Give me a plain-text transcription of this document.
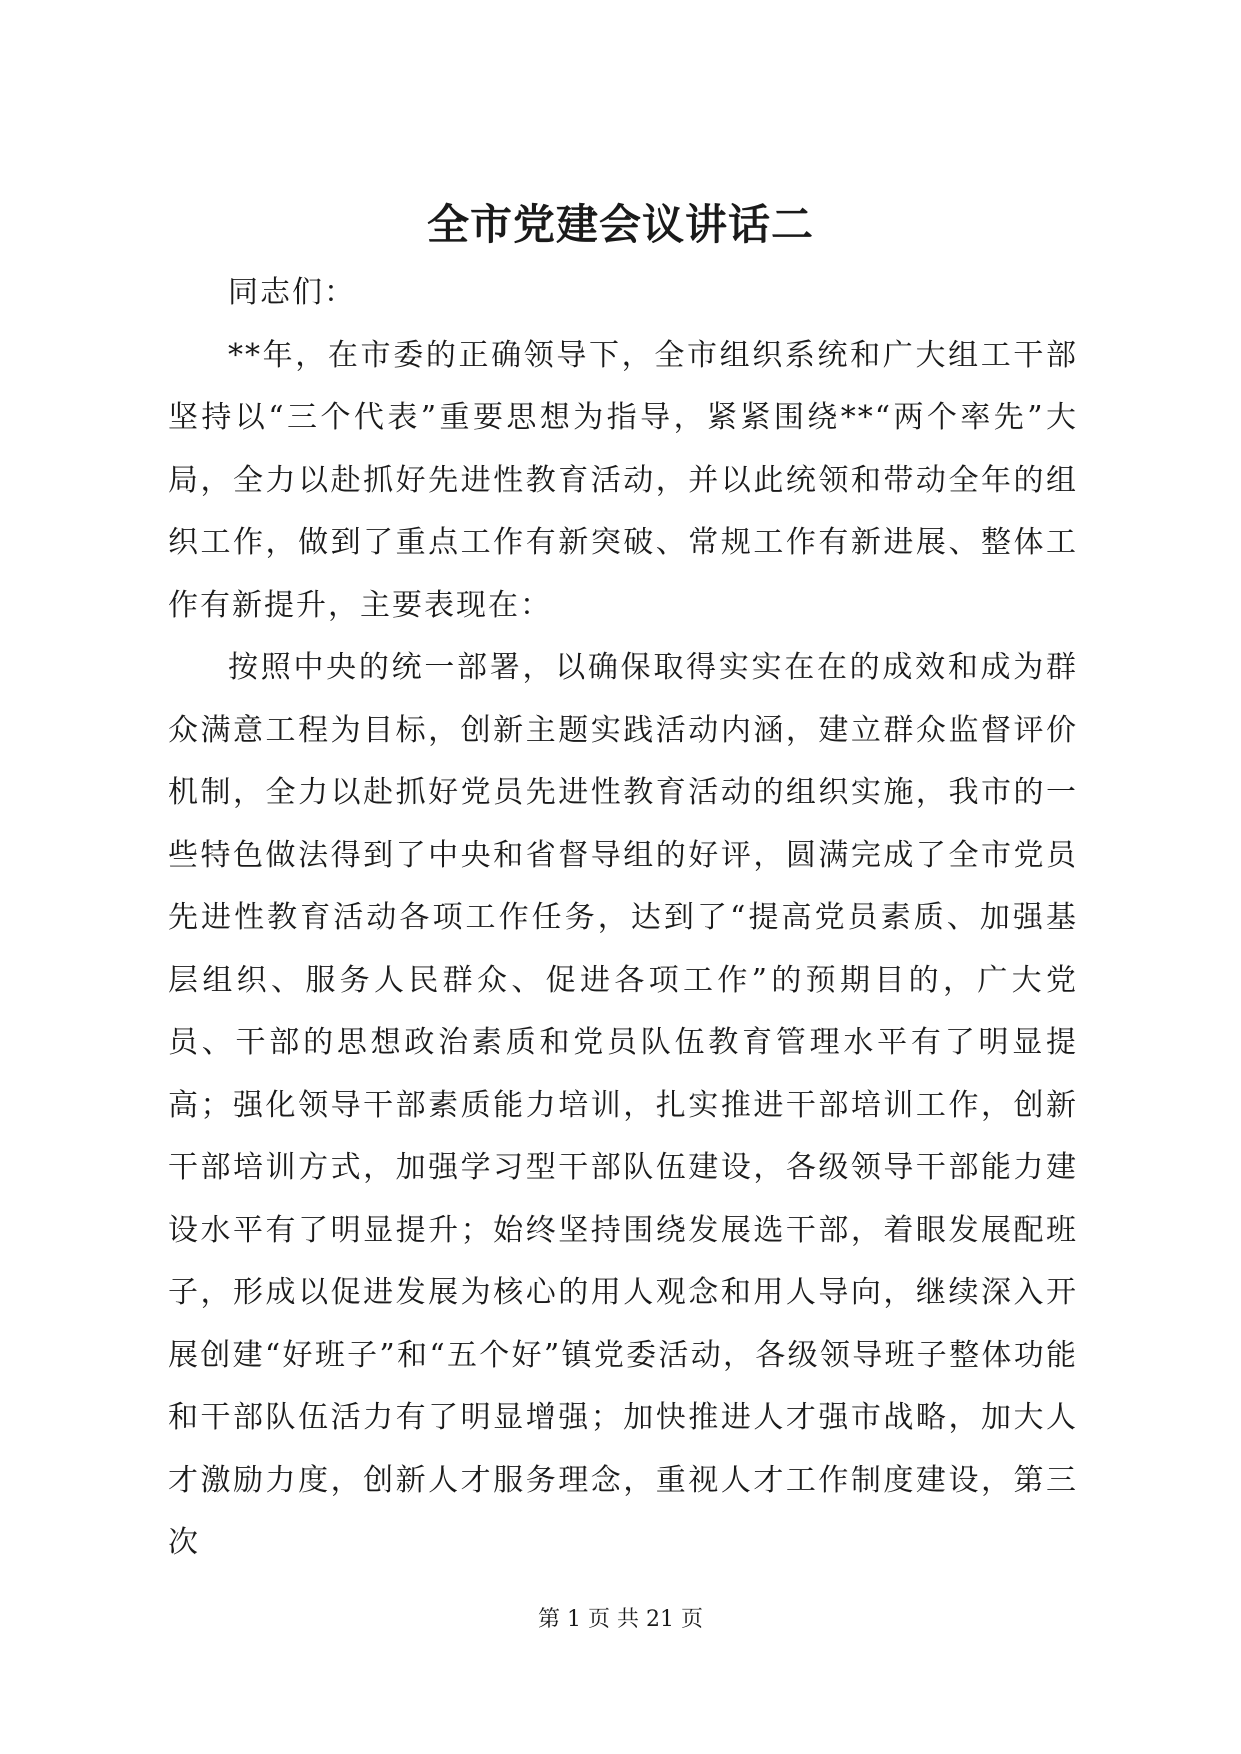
全市党建会议讲话二

同志们：

**年，在市委的正确领导下，全市组织系统和广大组工干部坚持以“三个代表”重要思想为指导，紧紧围绕**“两个率先”大局，全力以赴抓好先进性教育活动，并以此统领和带动全年的组织工作，做到了重点工作有新突破、常规工作有新进展、整体工作有新提升，主要表现在：

按照中央的统一部署，以确保取得实实在在的成效和成为群众满意工程为目标，创新主题实践活动内涵，建立群众监督评价机制，全力以赴抓好党员先进性教育活动的组织实施，我市的一些特色做法得到了中央和省督导组的好评，圆满完成了全市党员先进性教育活动各项工作任务，达到了“提高党员素质、加强基层组织、服务人民群众、促进各项工作”的预期目的，广大党员、干部的思想政治素质和党员队伍教育管理水平有了明显提高；强化领导干部素质能力培训，扎实推进干部培训工作，创新干部培训方式，加强学习型干部队伍建设，各级领导干部能力建设水平有了明显提升；始终坚持围绕发展选干部，着眼发展配班子，形成以促进发展为核心的用人观念和用人导向，继续深入开展创建“好班子”和“五个好”镇党委活动，各级领导班子整体功能和干部队伍活力有了明显增强；加快推进人才强市战略，加大人才激励力度，创新人才服务理念，重视人才工作制度建设，第三次

第 1 页 共 21 页
